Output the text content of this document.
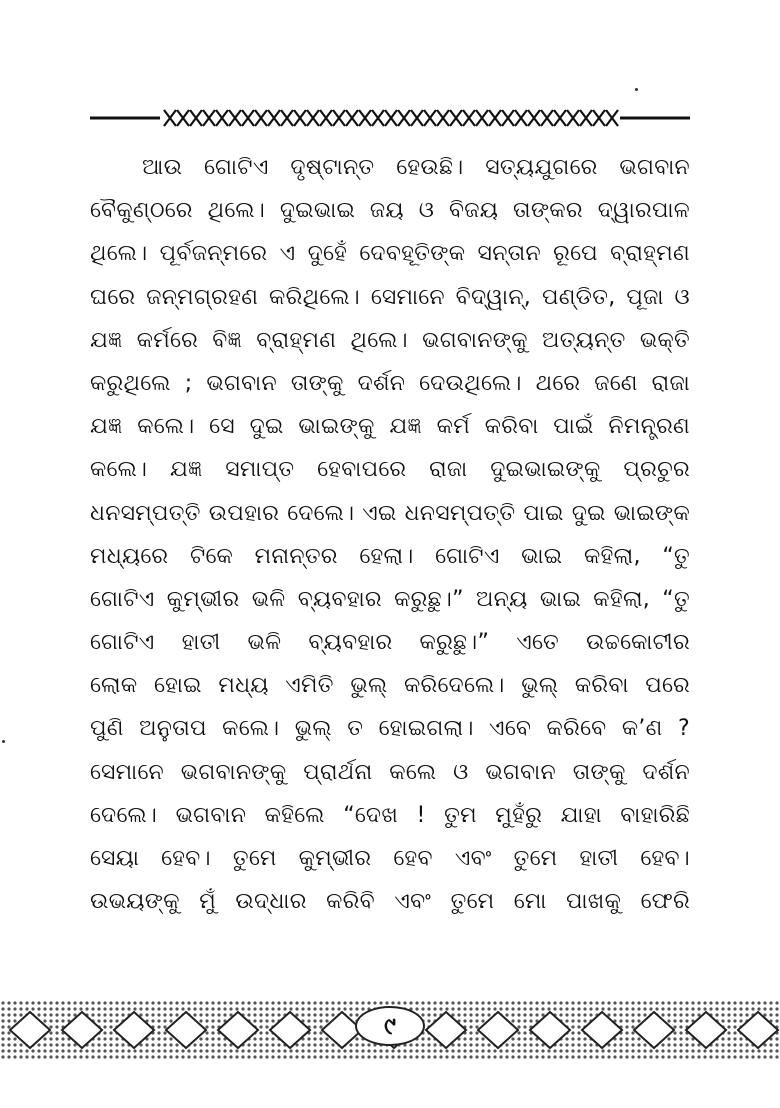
ଆଉ ଗୋଟିଏ ଦୃଷ୍ଟାନ୍ତ ହେଉଛି। ସତ୍ୟଯୁଗରେ ଭଗବାନ
ବୈକୁଣ୍ଠରେ ଥିଲେ। ଦୁଇଭାଇ ଜୟ ଓ ବିଜୟ ତାଙ୍କର ଦ୍ୱାରପାଳ
ଥିଲେ। ପୂର୍ବଜନ୍ମରେ ଏ ଦୁହେଁ ଦେବହୂତିଙ୍କ ସନ୍ତାନ ରୂପେ ବ୍ରାହ୍ମଣ
ଘରେ ଜନ୍ମଗ୍ରହଣ କରିଥିଲେ। ସେମାନେ ବିଦ୍ୱାନ୍, ପଣ୍ଡିତ, ପୂଜା ଓ
ଯଜ୍ଞ କର୍ମରେ ବିଜ୍ଞ ବ୍ରାହ୍ମଣ ଥିଲେ। ଭଗବାନଙ୍କୁ ଅତ୍ୟନ୍ତ ଭକ୍ତି
କରୁଥିଲେ ; ଭଗବାନ ତାଙ୍କୁ ଦର୍ଶନ ଦେଉଥିଲେ। ଥରେ ଜଣେ ରାଜା
ଯଜ୍ଞ କଲେ। ସେ ଦୁଇ ଭାଇଙ୍କୁ ଯଜ୍ଞ କର୍ମ କରିବା ପାଇଁ ନିମନ୍ତ୍ରଣ
କଲେ। ଯଜ୍ଞ ସମାପ୍ତ ହେବାପରେ ରାଜା ଦୁଇଭାଇଙ୍କୁ ପ୍ରଚୁର
ଧନସମ୍ପତ୍ତି ଉପହାର ଦେଲେ। ଏଇ ଧନସମ୍ପତ୍ତି ପାଇ ଦୁଇ ଭାଇଙ୍କ
ମଧ୍ୟରେ ଟିକେ ମନାନ୍ତର ହେଲା। ଗୋଟିଏ ଭାଇ କହିଲା, “ତୁ
ଗୋଟିଏ କୁମ୍ଭୀର ଭଳି ବ୍ୟବହାର କରୁଛୁ।” ଅନ୍ୟ ଭାଇ କହିଲା, “ତୁ
ଗୋଟିଏ ହାତୀ ଭଳି ବ୍ୟବହାର କରୁଛୁ।” ଏତେ ଉଚ୍ଚକୋଟୀର
ଲୋକ ହୋଇ ମଧ୍ୟ ଏମିତି ଭୁଲ୍ କରିଦେଲେ। ଭୁଲ୍ କରିବା ପରେ
ପୁଣି ଅନୁତାପ କଲେ। ଭୁଲ୍ ତ ହୋଇଗଲା। ଏବେ କରିବେ କ’ଣ ?
ସେମାନେ ଭଗବାନଙ୍କୁ ପ୍ରାର୍ଥନା କଲେ ଓ ଭଗବାନ ତାଙ୍କୁ ଦର୍ଶନ
ଦେଲେ। ଭଗବାନ କହିଲେ “ଦେଖ ! ତୁମ ମୁହଁରୁ ଯାହା ବାହାରିଛି
ସେୟା ହେବ। ତୁମେ କୁମ୍ଭୀର ହେବ ଏବଂ ତୁମେ ହାତୀ ହେବ।
ଉଭୟଙ୍କୁ ମୁଁ ଉଦ୍ଧାର କରିବି ଏବଂ ତୁମେ ମୋ ପାଖକୁ ଫେରି
୯
